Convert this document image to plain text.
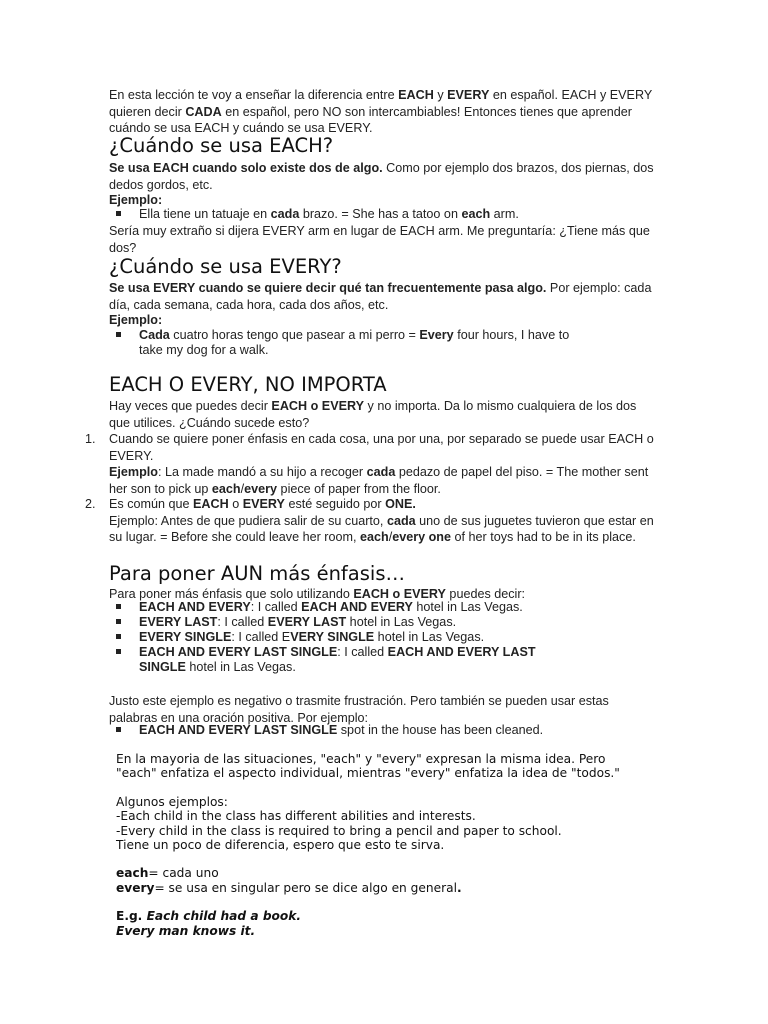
En esta lección te voy a enseñar la diferencia entre EACH y EVERY en español. EACH y EVERY quieren decir CADA en español, pero NO son intercambiables! Entonces tienes que aprender cuándo se usa EACH y cuándo se usa EVERY.

¿Cuándo se usa EACH?

Se usa EACH cuando solo existe dos de algo. Como por ejemplo dos brazos, dos piernas, dos dedos gordos, etc.

Ejemplo:

Ella tiene un tatuaje en cada brazo. = She has a tatoo on each arm.

Sería muy extraño si dijera EVERY arm en lugar de EACH arm. Me preguntaría: ¿Tiene más que dos?

¿Cuándo se usa EVERY?

Se usa EVERY cuando se quiere decir qué tan frecuentemente pasa algo. Por ejemplo: cada día, cada semana, cada hora, cada dos años, etc.

Ejemplo:

Cada cuatro horas tengo que pasear a mi perro = Every four hours, I have to
take my dog for a walk.

EACH O EVERY, NO IMPORTA

Hay veces que puedes decir EACH o EVERY y no importa. Da lo mismo cualquiera de los dos que utilices. ¿Cuándo sucede esto?

1. Cuando se quiere poner énfasis en cada cosa, una por una, por separado se puede usar EACH o EVERY.
Ejemplo: La made mandó a su hijo a recoger cada pedazo de papel del piso. = The mother sent her son to pick up each/every piece of paper from the floor.

2. Es común que EACH o EVERY esté seguido por ONE.
Ejemplo: Antes de que pudiera salir de su cuarto, cada uno de sus juguetes tuvieron que estar en su lugar. = Before she could leave her room, each/every one of her toys had to be in its place.

Para poner AUN más énfasis…

Para poner más énfasis que solo utilizando EACH o EVERY puedes decir:

EACH AND EVERY: I called EACH AND EVERY hotel in Las Vegas.

EVERY LAST: I called EVERY LAST hotel in Las Vegas.

EVERY SINGLE: I called EVERY SINGLE hotel in Las Vegas.

EACH AND EVERY LAST SINGLE: I called EACH AND EVERY LAST
SINGLE hotel in Las Vegas.

Justo este ejemplo es negativo o trasmite frustración. Pero también se pueden usar estas palabras en una oración positiva. Por ejemplo:

EACH AND EVERY LAST SINGLE spot in the house has been cleaned.

En la mayoria de las situaciones, "each" y "every" expresan la misma idea. Pero
"each" enfatiza el aspecto individual, mientras "every" enfatiza la idea de "todos."
Algunos ejemplos:
-Each child in the class has different abilities and interests.
-Every child in the class is required to bring a pencil and paper to school.
Tiene un poco de diferencia, espero que esto te sirva.
each= cada uno
every= se usa en singular pero se dice algo en general.
E.g. Each child had a book.
Every man knows it.
